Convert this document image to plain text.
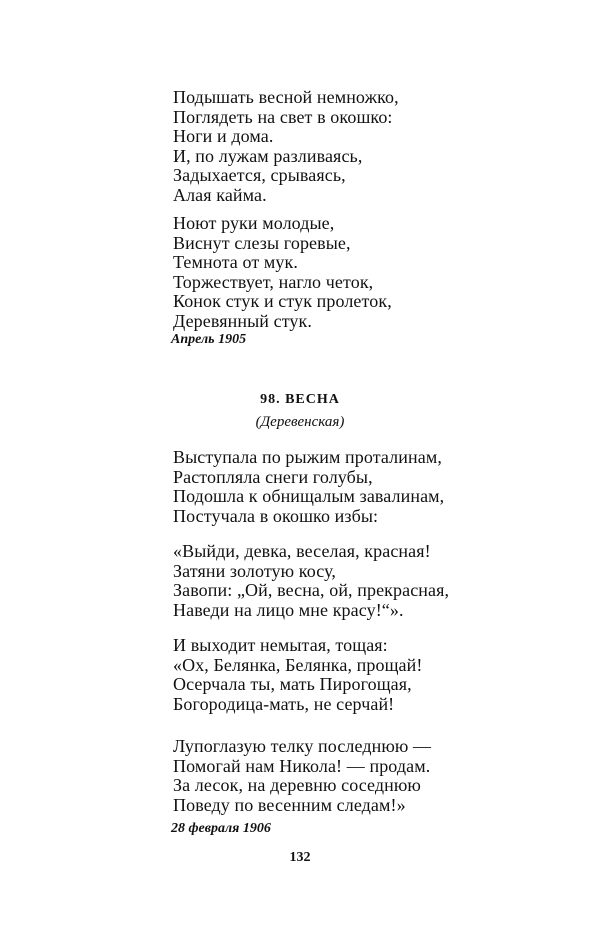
Подышать весной немножко,
Поглядеть на свет в окошко:
Ноги и дома.
И, по лужам разливаясь,
Задыхается, срываясь,
Алая кайма.
Ноют руки молодые,
Виснут слезы горевые,
Темнота от мук.
Торжествует, нагло четок,
Конок стук и стук пролеток,
Деревянный стук.
Апрель 1905
98. ВЕСНА
(Деревенская)
Выступала по рыжим проталинам,
Растопляла снеги голубы,
Подошла к обнищалым завалинам,
Постучала в окошко избы:
«Выйди, девка, веселая, красная!
Затяни золотую косу,
Завопи: „Ой, весна, ой, прекрасная,
Наведи на лицо мне красу!“».
И выходит немытая, тощая:
«Ох, Белянка, Белянка, прощай!
Осерчала ты, мать Пирогощая,
Богородица-мать, не серчай!
Лупоглазую телку последнюю —
Помогай нам Никола! — продам.
За лесок, на деревню соседнюю
Поведу по весенним следам!»
28 февраля 1906
132
